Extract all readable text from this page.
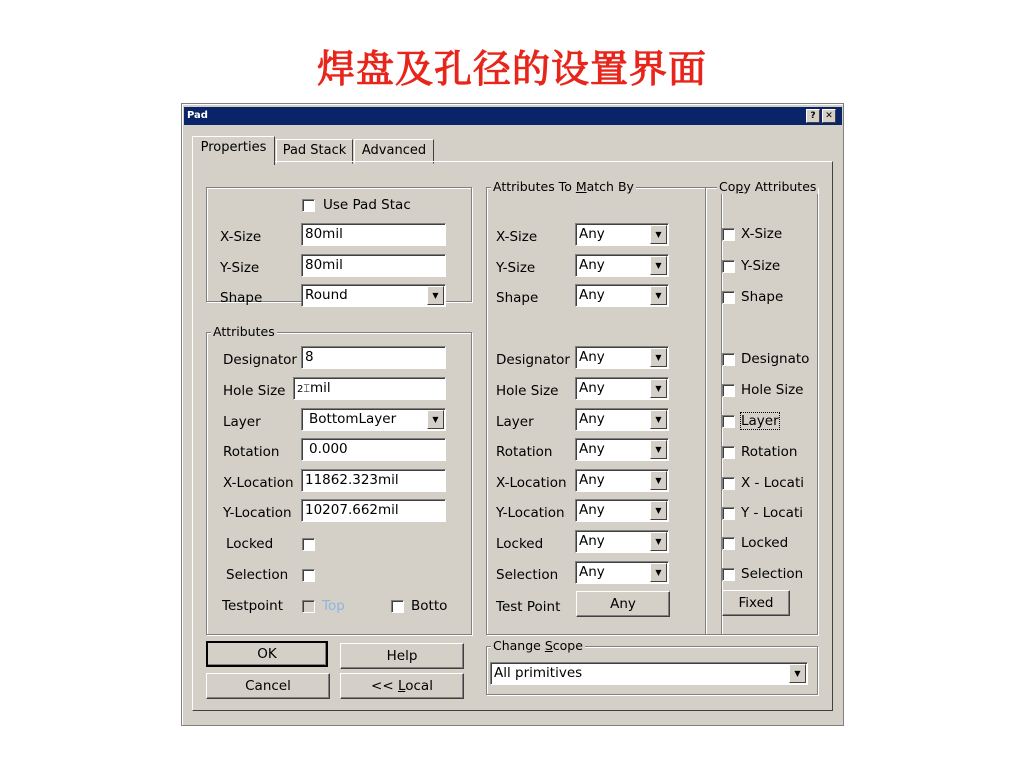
焊盘及孔径的设置界面
Pad	?	✕
Properties	Pad Stack	Advanced
Use Pad Stac
X-Size	80mil
Y-Size	80mil
Shape	Round	▼
Attributes
Designator 8
Hole Size	2⌶mil
Layer	BottomLayer	▼
Rotation	0.000
X-Location 11862.323mil
Y-Location 10207.662mil
Locked
Selection
Testpoint	Top	Botto
Attributes To Match By
X-Size	Any	▼
Y-Size	Any	▼
Shape	Any	▼
Designator Any	▼
Hole Size Any	▼
Layer	Any	▼
Rotation Any	▼
X-Location Any	▼
Y-Location Any	▼
Locked	Any	▼
Selection Any	▼
Test Point	Any
Copy Attributes
X-Size
Y-Size
Shape
Designato
Hole Size
Layer
Rotation
X - Locati
Y - Locati
Locked
Selection
Fixed
OK	Help
Cancel	<< Local
Change Scope
All primitives	▼
